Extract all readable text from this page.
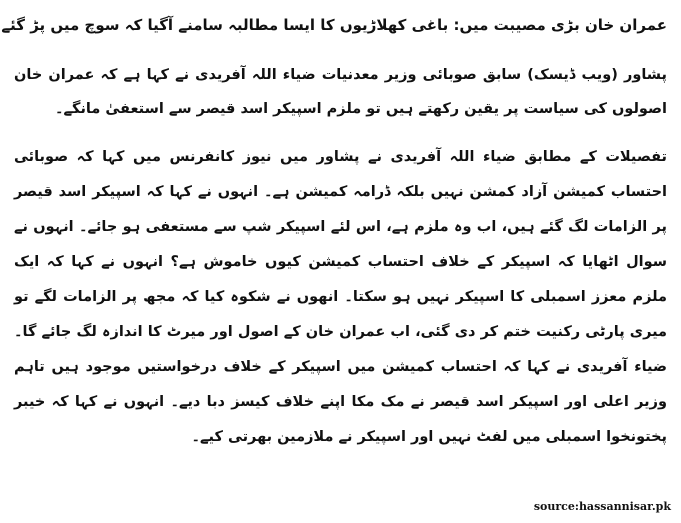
عمران خان بڑی مصیبت میں: باغی کھلاڑیوں کا ایسا مطالبہ سامنے آگیا کہ سوچ میں پڑ گئے

پشاور (ویب ڈیسک) سابق صوبائی وزیر معدنیات ضیاء اللہ آفریدی نے کہا ہے کہ عمران خان اصولوں کی سیاست پر یقین رکھتے ہیں تو ملزم اسپیکر اسد قیصر سے استعفیٰ مانگے۔

تفصیلات کے مطابق ضیاء اللہ آفریدی نے پشاور میں نیوز کانفرنس میں کہا کہ صوبائی احتساب کمیشن آزاد کمشن نہیں بلکہ ڈرامہ کمیشن ہے۔ انہوں نے کہا کہ اسپیکر اسد قیصر پر الزامات لگ گئے ہیں، اب وہ ملزم ہے، اس لئے اسپیکر شپ سے مستعفی ہو جائے۔ انہوں نے سوال اٹھایا کہ اسپیکر کے خلاف احتساب کمیشن کیوں خاموش ہے؟ انہوں نے کہا کہ ایک ملزم معزز اسمبلی کا اسپیکر نہیں ہو سکتا۔ انھوں نے شکوہ کیا کہ مجھ پر الزامات لگے تو میری پارٹی رکنیت ختم کر دی گئی، اب عمران خان کے اصول اور میرٹ کا اندازہ لگ جائے گا۔ ضیاء آفریدی نے کہا کہ احتساب کمیشن میں اسپیکر کے خلاف درخواستیں موجود ہیں تاہم وزیر اعلی اور اسپیکر اسد قیصر نے مک مکا اپنے خلاف کیسز دبا دیے۔ انہوں نے کہا کہ خیبر پختونخوا اسمبلی میں لفٹ نہیں اور اسپیکر نے ملازمین بھرتی کیے۔

source:hassannisar.pk
